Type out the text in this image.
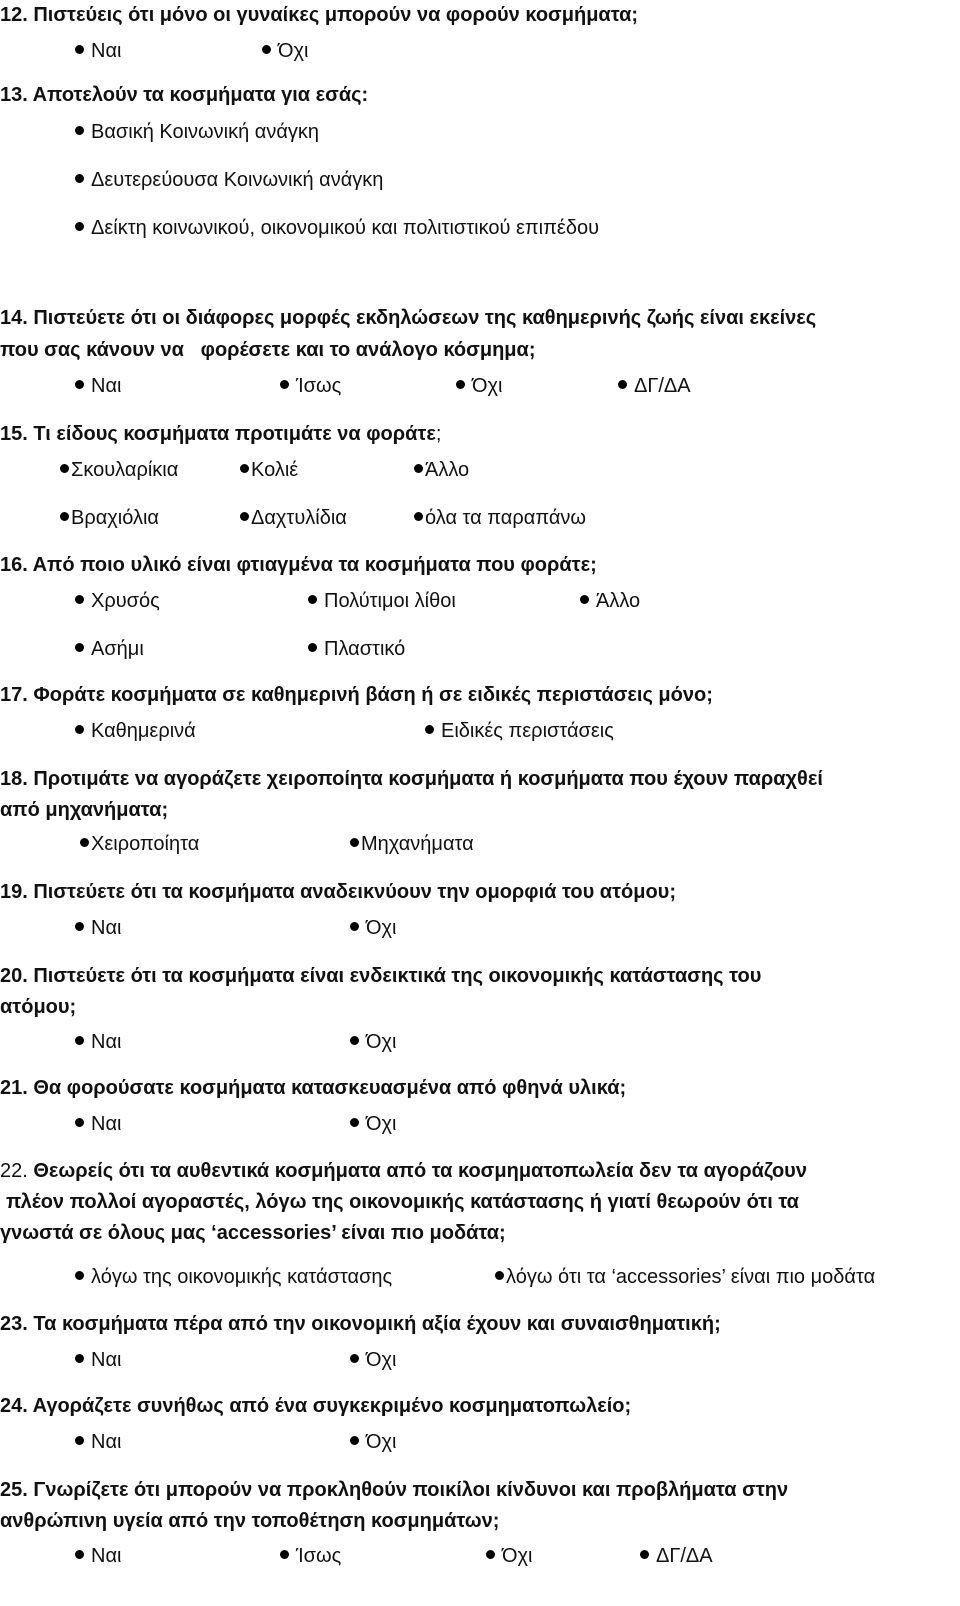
12. Πιστεύεις ότι μόνο οι γυναίκες μπορούν να φορούν κοσμήματα;
Ναι	Όχι
13. Αποτελούν τα κοσμήματα για εσάς:
Βασική Κοινωνική ανάγκη
Δευτερεύουσα Κοινωνική ανάγκη
Δείκτη κοινωνικού, οικονομικού και πολιτιστικού επιπέδου
14. Πιστεύετε ότι οι διάφορες μορφές εκδηλώσεων της καθημερινής ζωής είναι εκείνες
που σας κάνουν να   φορέσετε και το ανάλογο κόσμημα;
Ναι	Ίσως	Όχι	ΔΓ/ΔΑ
15. Τι είδους κοσμήματα προτιμάτε να φοράτε;
Σκουλαρίκια	Κολιέ	Άλλο
Βραχιόλια	Δαχτυλίδια	όλα τα παραπάνω
16. Από ποιο υλικό είναι φτιαγμένα τα κοσμήματα που φοράτε;
Χρυσός	Πολύτιμοι λίθοι	Άλλο
Ασήμι	Πλαστικό
17. Φοράτε κοσμήματα σε καθημερινή βάση ή σε ειδικές περιστάσεις μόνο;
Καθημερινά	Ειδικές περιστάσεις
18. Προτιμάτε να αγοράζετε χειροποίητα κοσμήματα ή κοσμήματα που έχουν παραχθεί
από μηχανήματα;
Χειροποίητα	Μηχανήματα
19. Πιστεύετε ότι τα κοσμήματα αναδεικνύουν την ομορφιά του ατόμου;
Ναι	Όχι
20. Πιστεύετε ότι τα κοσμήματα είναι ενδεικτικά της οικονομικής κατάστασης του
ατόμου;
Ναι	Όχι
21. Θα φορούσατε κοσμήματα κατασκευασμένα από φθηνά υλικά;
Ναι	Όχι
22. Θεωρείς ότι τα αυθεντικά κοσμήματα από τα κοσμηματοπωλεία δεν τα αγοράζουν
πλέον πολλοί αγοραστές, λόγω της οικονομικής κατάστασης ή γιατί θεωρούν ότι τα
γνωστά σε όλους μας ‘accessories’ είναι πιο μοδάτα;
λόγω της οικονομικής κατάστασης	λόγω ότι τα ‘accessories’ είναι πιο μοδάτα
23. Τα κοσμήματα πέρα από την οικονομική αξία έχουν και συναισθηματική;
Ναι	Όχι
24. Αγοράζετε συνήθως από ένα συγκεκριμένο κοσμηματοπωλείο;
Ναι	Όχι
25. Γνωρίζετε ότι μπορούν να προκληθούν ποικίλοι κίνδυνοι και προβλήματα στην
ανθρώπινη υγεία από την τοποθέτηση κοσμημάτων;
Ναι	Ίσως	Όχι	ΔΓ/ΔΑ
